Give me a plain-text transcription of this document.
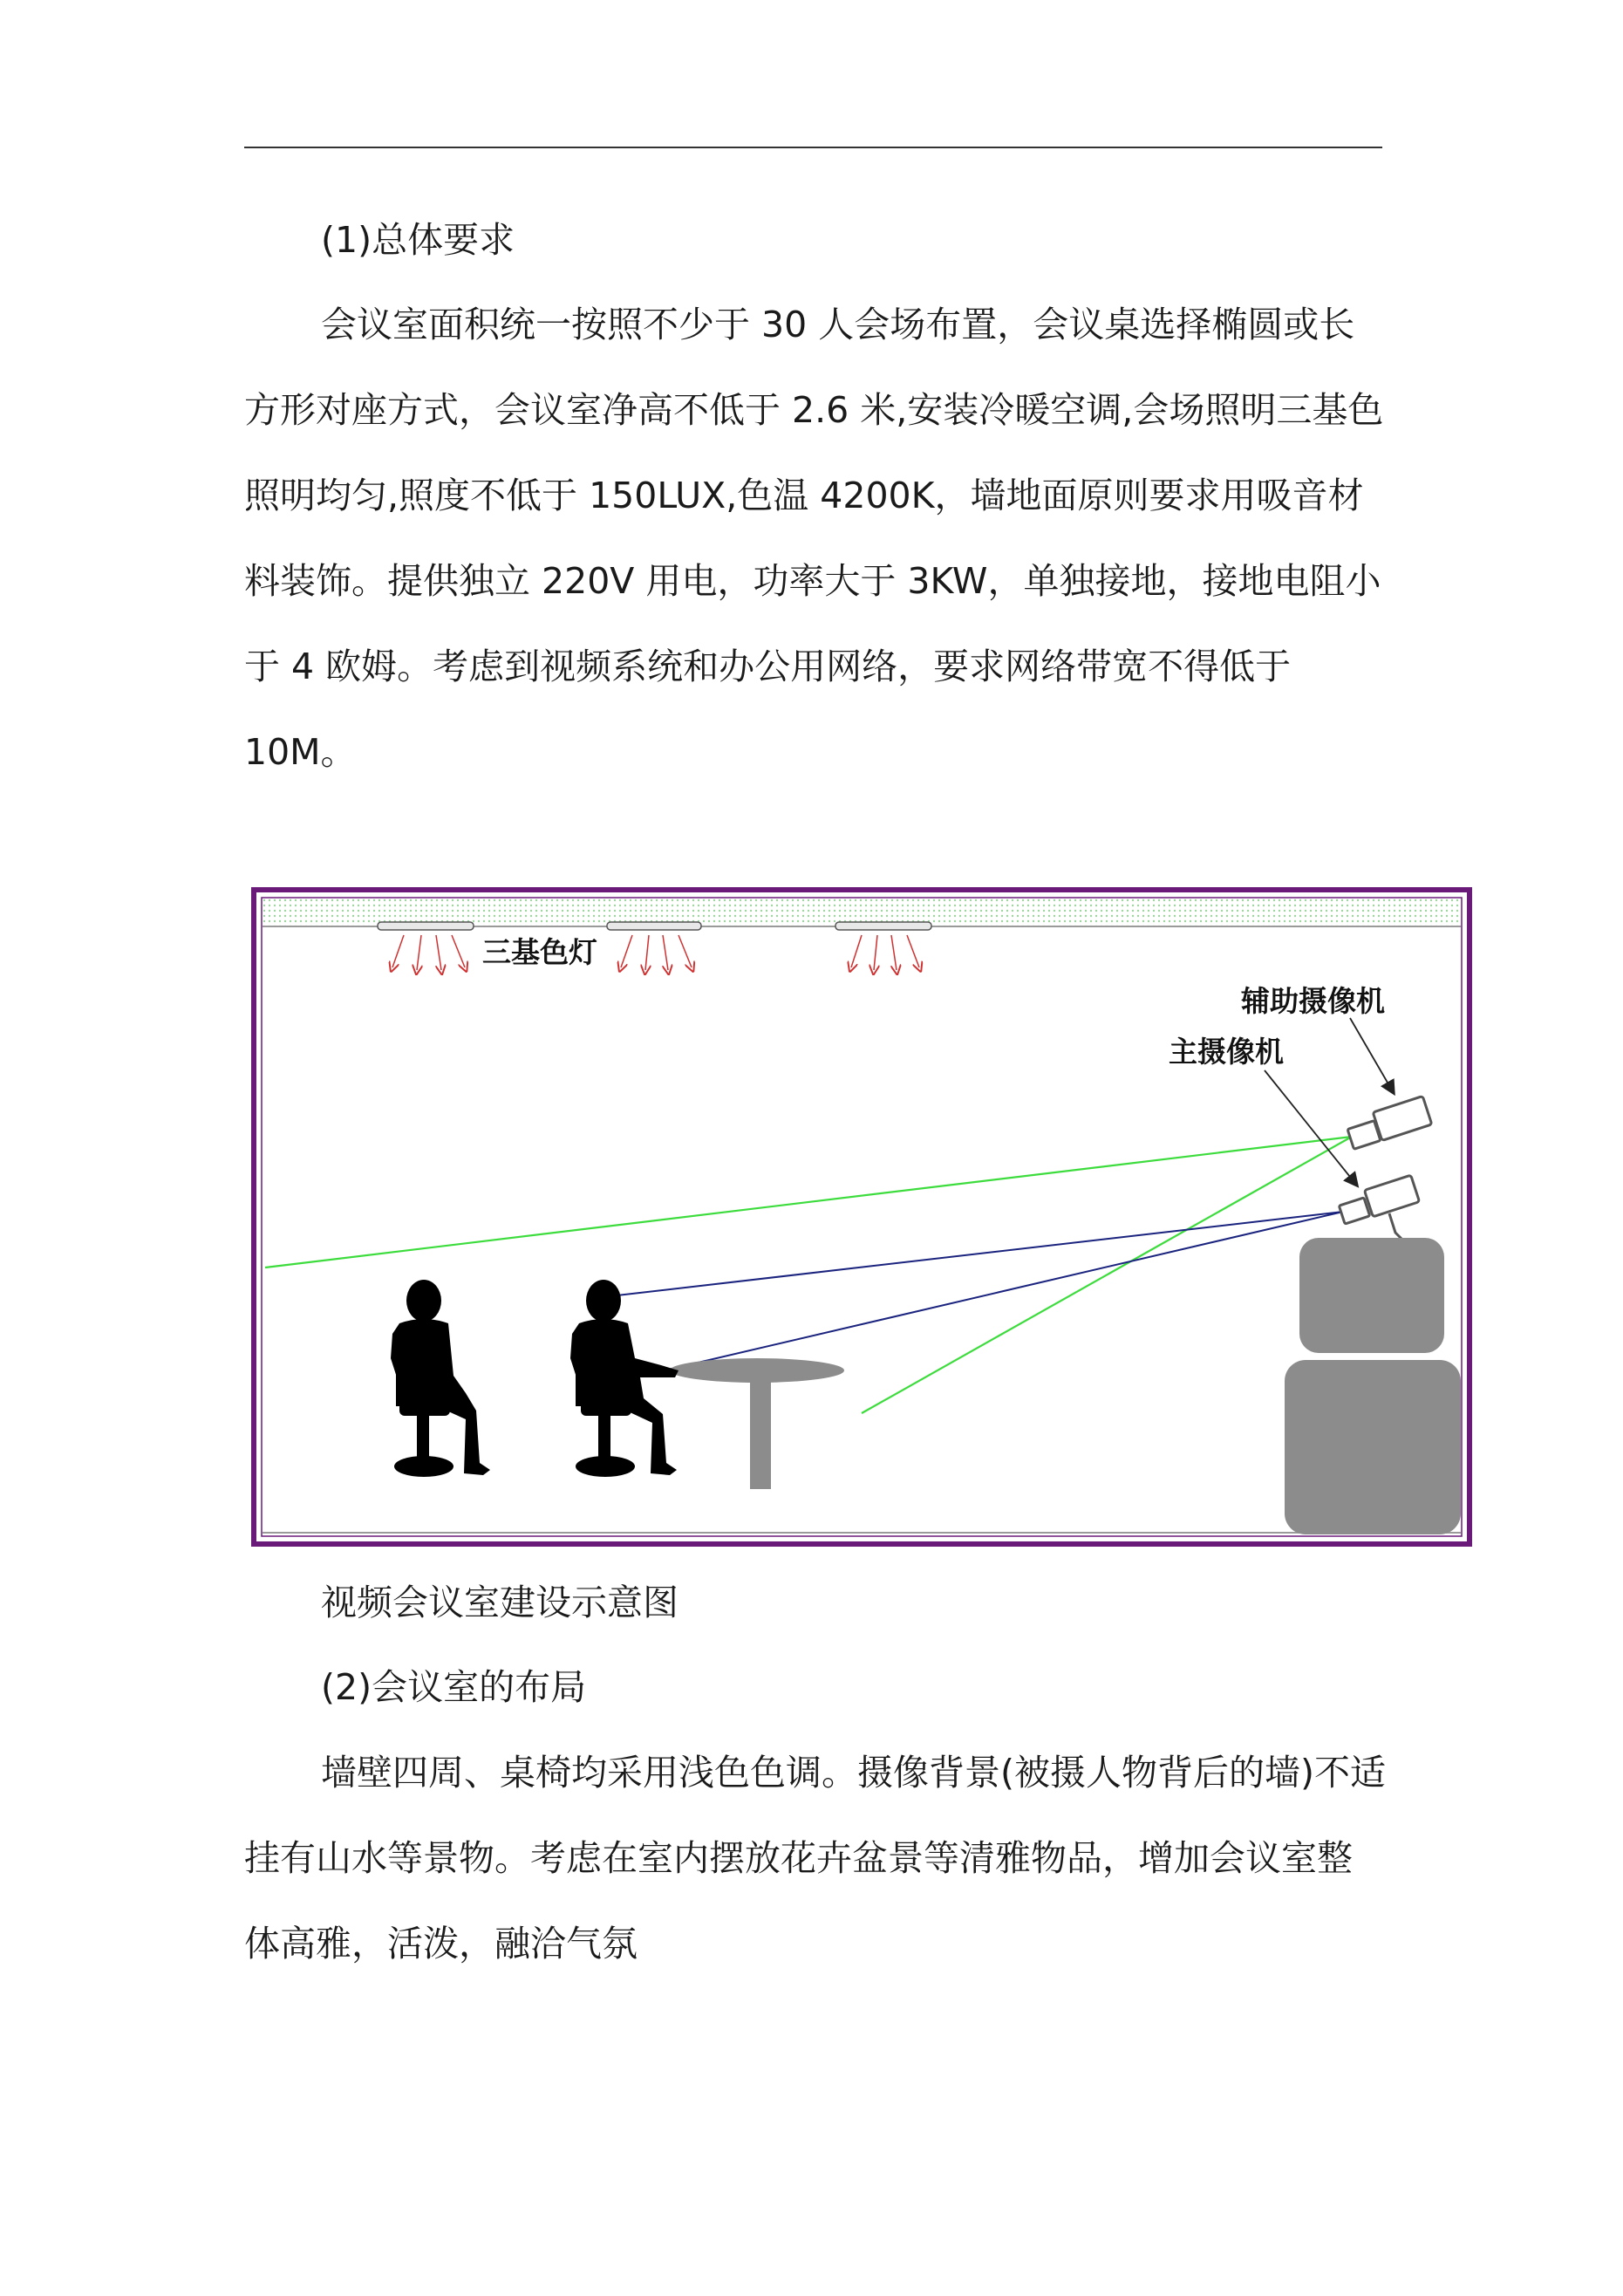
(1)总体要求

会议室面积统一按照不少于 30 人会场布置，会议桌选择椭圆或长方形对座方式，会议室净高不低于 2.6 米,安装冷暖空调,会场照明三基色照明均匀,照度不低于 150LUX,色温 4200K，墙地面原则要求用吸音材料装饰。提供独立 220V 用电，功率大于 3KW，单独接地，接地电阻小于 4 欧姆。考虑到视频系统和办公用网络，要求网络带宽不得低于 10M。

三基色灯
辅助摄像机
主摄像机

视频会议室建设示意图

(2)会议室的布局

墙壁四周、桌椅均采用浅色色调。摄像背景(被摄人物背后的墙)不适挂有山水等景物。考虑在室内摆放花卉盆景等清雅物品，增加会议室整体高雅，活泼，融洽气氛
